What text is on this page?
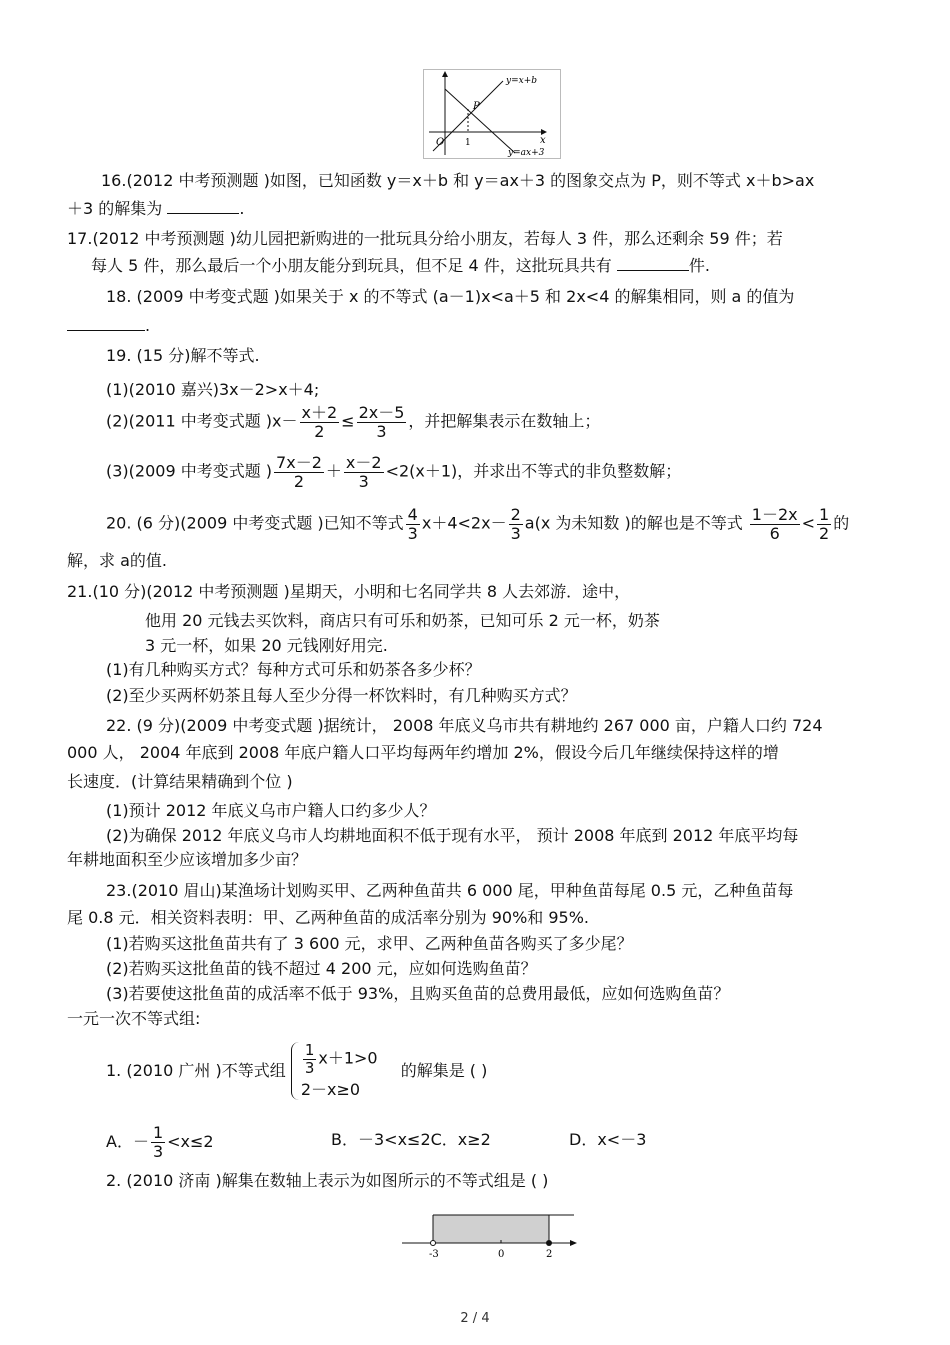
y=x+b
P
O 1	x
y=ax+3
16.(2012 中考预测题 )如图，已知函数 y＝x＋b 和 y＝ax＋3 的图象交点为 P，则不等式 x＋b>ax
＋3 的解集为	.
17.(2012 中考预测题 )幼儿园把新购进的一批玩具分给小朋友，若每人 3 件，那么还剩余 59 件；若
每人 5 件，那么最后一个小朋友能分到玩具，但不足 4 件，这批玩具共有	件.
18. (2009 中考变式题 )如果关于 x 的不等式 (a－1)x<a＋5 和 2x<4 的解集相同，则 a 的值为
.
19. (15 分)解不等式.
(1)(2010 嘉兴)3x－2>x＋4;
(2)(2011 中考变式题 )$x- \frac{x+2}{2} \le \frac{2x-5}{3}$ ，并把解集表示在数轴上；
(3)(2009 中考变式题 ) $\frac{7x-2}{2} + \frac{x-2}{3} <2(x+1)$，并求出不等式的非负整数解；
20. (6 分)(2009 中考变式题 )已知不等式 $\frac{4}{3} x+4<2x- \frac{2}{3} a(x$ 为未知数 )的解也是不等式 $\frac{1-2x}{6} < \frac{1}{2}$ 的
解，求 a的值.
21.(10 分)(2012 中考预测题 )星期天，小明和七名同学共 8 人去郊游．途中，
他用 20 元钱去买饮料，商店只有可乐和奶茶，已知可乐 2 元一杯，奶茶
3 元一杯，如果 20 元钱刚好用完.
(1)有几种购买方式？每种方式可乐和奶茶各多少杯？
(2)至少买两杯奶茶且每人至少分得一杯饮料时，有几种购买方式？
22. (9 分)(2009 中考变式题 )据统计， 2008 年底义乌市共有耕地约 267 000 亩，户籍人口约 724
000 人， 2004 年底到 2008 年底户籍人口平均每两年约增加 2%，假设今后几年继续保持这样的增
长速度．(计算结果精确到个位 )
(1)预计 2012 年底义乌市户籍人口约多少人？
(2)为确保 2012 年底义乌市人均耕地面积不低于现有水平， 预计 2008 年底到 2012 年底平均每
年耕地面积至少应该增加多少亩？
23.(2010 眉山)某渔场计划购买甲、乙两种鱼苗共 6 000 尾，甲种鱼苗每尾 0.5 元，乙种鱼苗每
尾 0.8 元．相关资料表明：甲、乙两种鱼苗的成活率分别为 90%和 95%.
(1)若购买这批鱼苗共有了 3 600 元，求甲、乙两种鱼苗各购买了多少尾？
(2)若购买这批鱼苗的钱不超过 4 200 元，应如何选购鱼苗？
(3)若要使这批鱼苗的成活率不低于 93%，且购买鱼苗的总费用最低，应如何选购鱼苗？
一元一次不等式组:
1. (2010 广州 )不等式组 $\frac{1}{3} x+1>0$
2－x≥0
的解集是 ( )
A．－ $\frac{1}{3} <x\le 2$	B．－3<x≤2C．x≥2	D．x<－3
2. (2010 济南 )解集在数轴上表示为如图所示的不等式组是 ( )
-3	0	2
2 / 4
